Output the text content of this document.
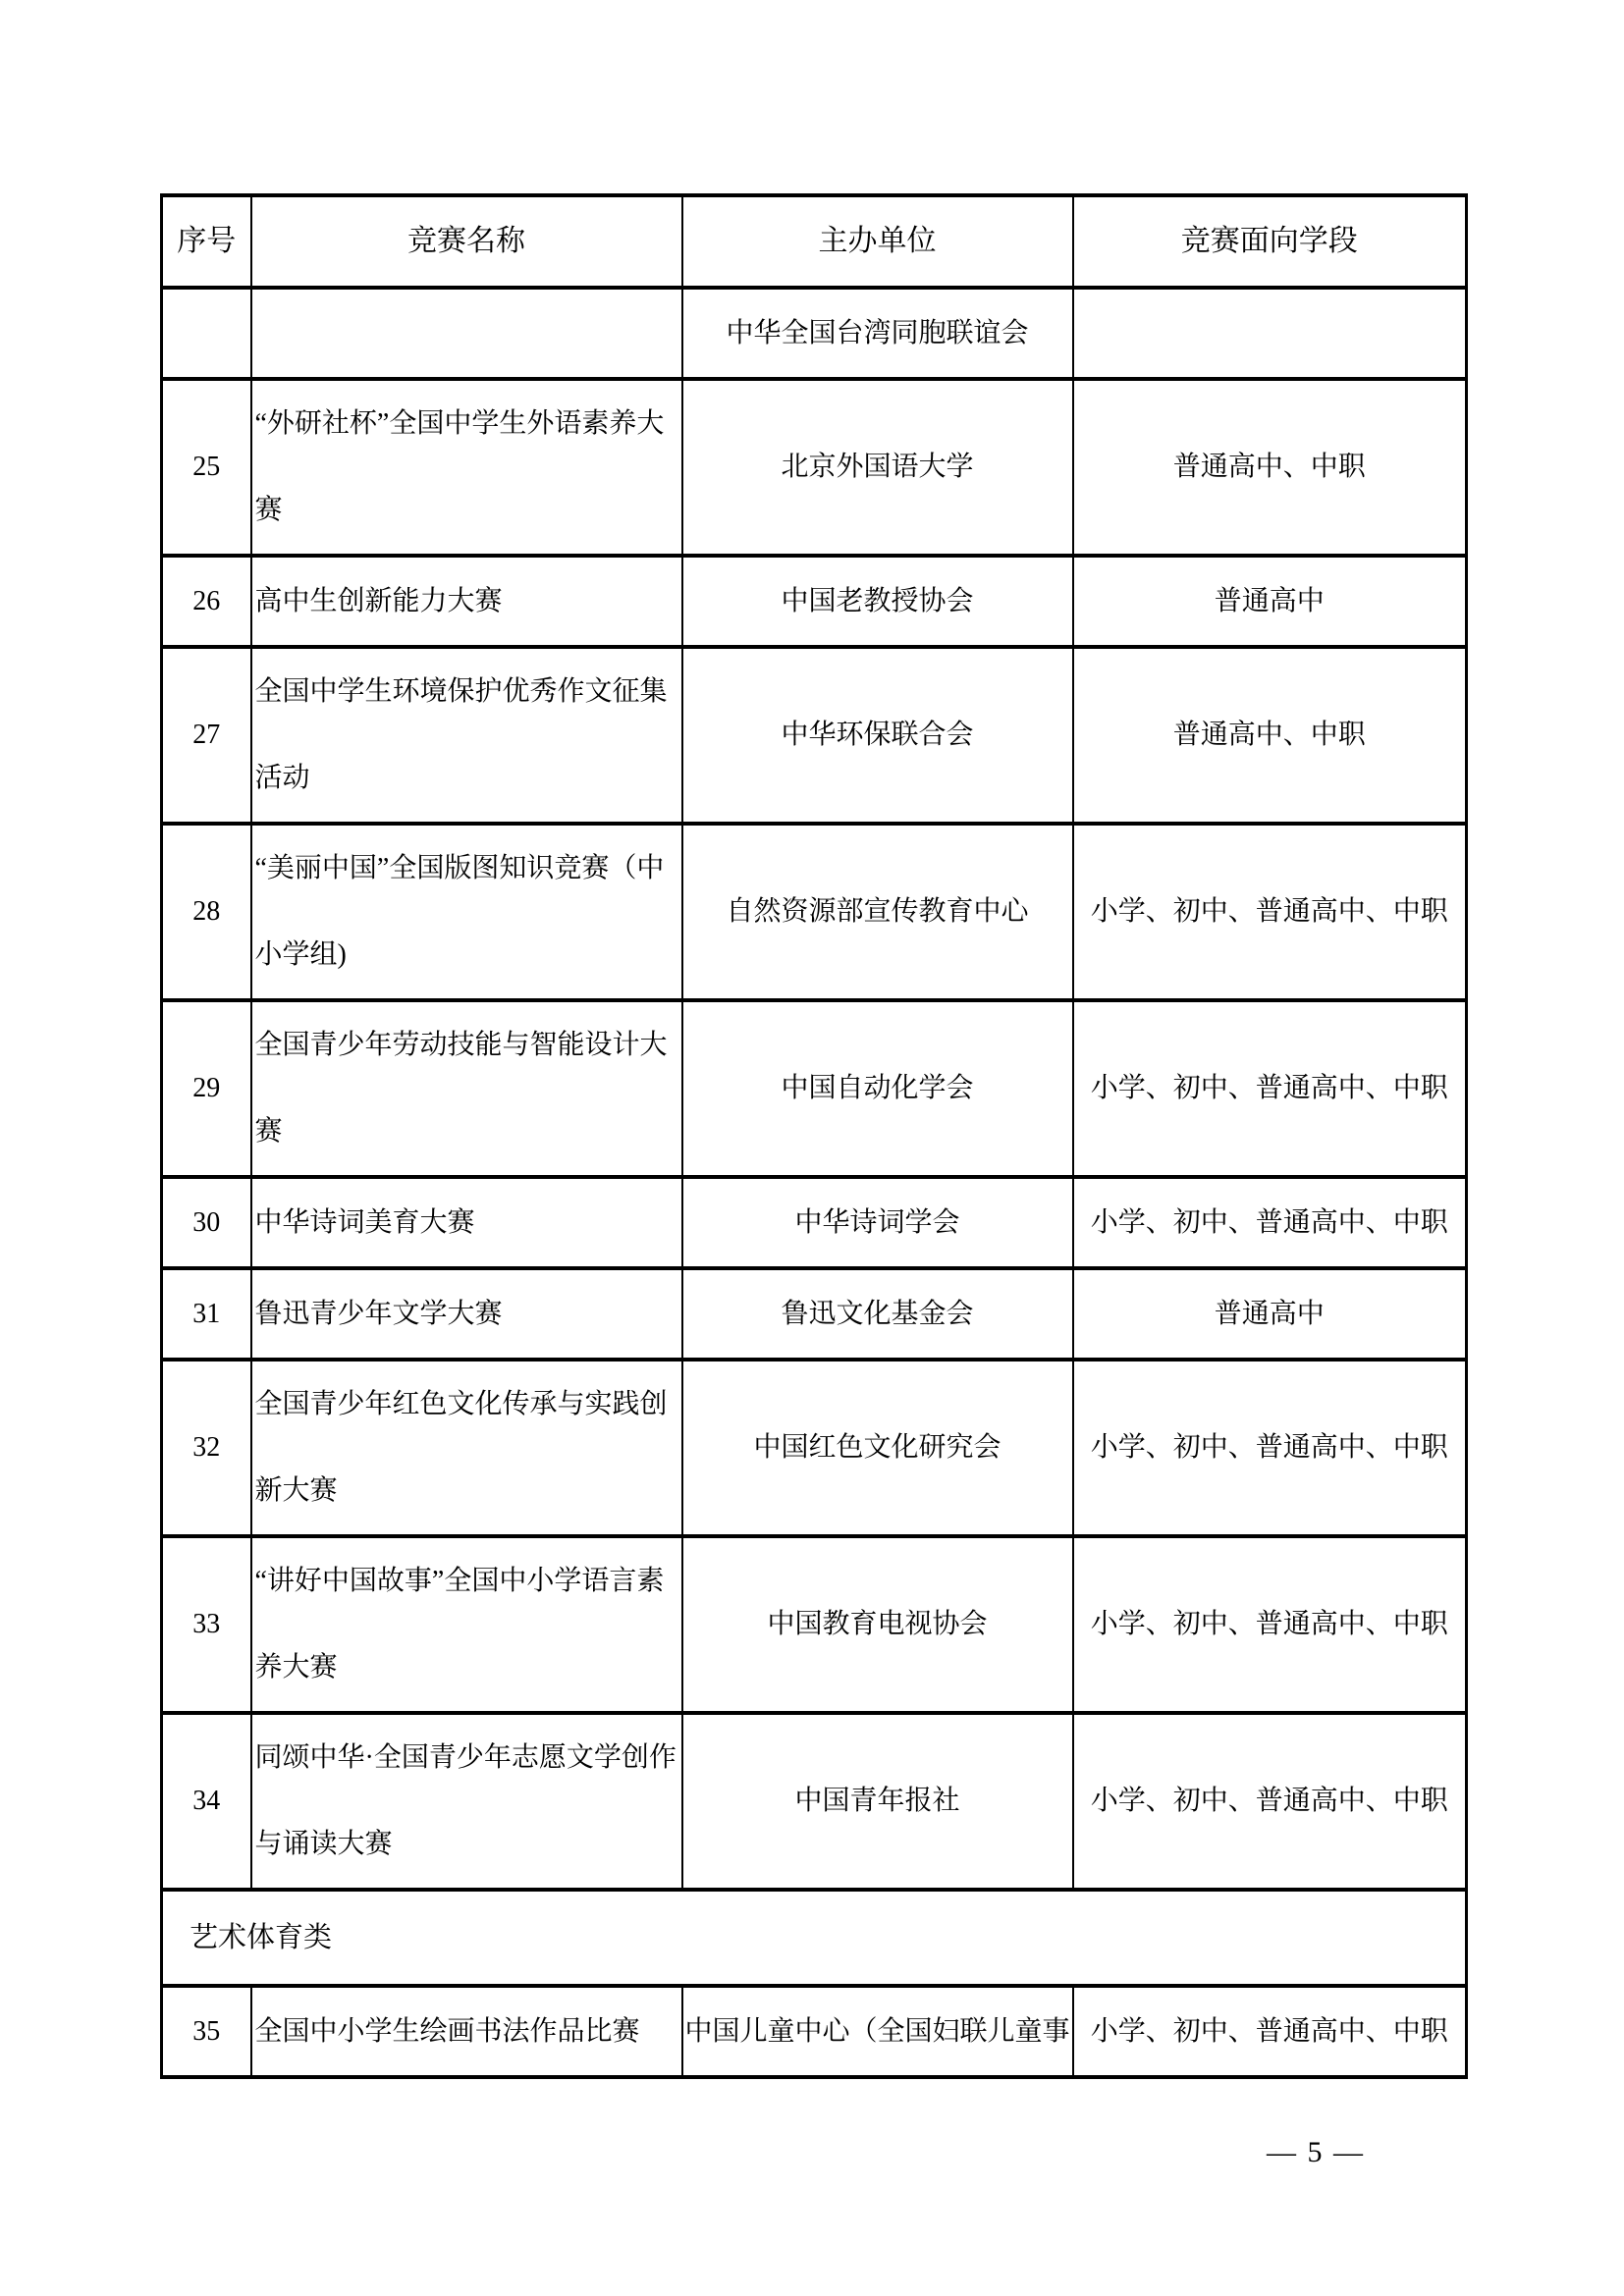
序号	竞赛名称	主办单位	竞赛面向学段
		中华全国台湾同胞联谊会	
25	“外研社杯”全国中学生外语素养大赛	北京外国语大学	普通高中、中职
26	高中生创新能力大赛	中国老教授协会	普通高中
27	全国中学生环境保护优秀作文征集活动	中华环保联合会	普通高中、中职
28	“美丽中国”全国版图知识竞赛（中小学组)	自然资源部宣传教育中心	小学、初中、普通高中、中职
29	全国青少年劳动技能与智能设计大赛	中国自动化学会	小学、初中、普通高中、中职
30	中华诗词美育大赛	中华诗词学会	小学、初中、普通高中、中职
31	鲁迅青少年文学大赛	鲁迅文化基金会	普通高中
32	全国青少年红色文化传承与实践创新大赛	中国红色文化研究会	小学、初中、普通高中、中职
33	“讲好中国故事”全国中小学语言素养大赛	中国教育电视协会	小学、初中、普通高中、中职
34	同颂中华·全国青少年志愿文学创作与诵读大赛	中国青年报社	小学、初中、普通高中、中职
艺术体育类			
35	全国中小学生绘画书法作品比赛	中国儿童中心（全国妇联儿童事	小学、初中、普通高中、中职
— 5 —
